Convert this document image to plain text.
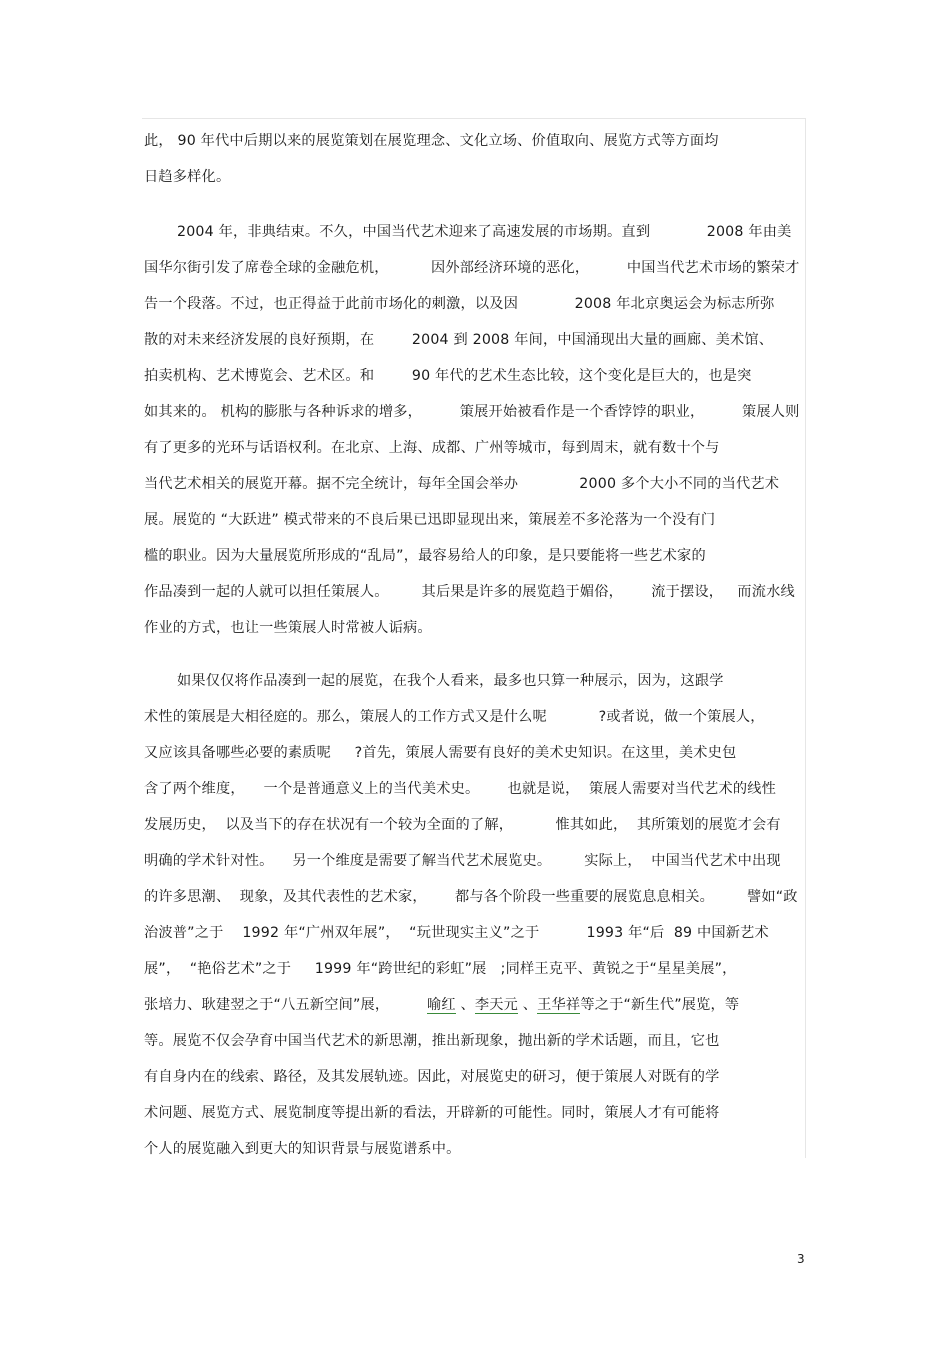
此， 90 年代中后期以来的展览策划在展览理念、文化立场、价值取向、展览方式等方面均
日趋多样化。
2004 年，非典结束。不久，中国当代艺术迎来了高速发展的市场期。直到            2008 年由美
国华尔街引发了席卷全球的金融危机，         因外部经济环境的恶化，        中国当代艺术市场的繁荣才
告一个段落。不过，也正得益于此前市场化的刺激，以及因            2008 年北京奥运会为标志所弥
散的对未来经济发展的良好预期，在        2004 到 2008 年间，中国涌现出大量的画廊、美术馆、
拍卖机构、艺术博览会、艺术区。和        90 年代的艺术生态比较，这个变化是巨大的，也是突
如其来的。 机构的膨胀与各种诉求的增多，        策展开始被看作是一个香饽饽的职业，        策展人则
有了更多的光环与话语权利。在北京、上海、成都、广州等城市，每到周末，就有数十个与
当代艺术相关的展览开幕。据不完全统计，每年全国会举办             2000 多个大小不同的当代艺术
展。展览的 “大跃进” 模式带来的不良后果已迅即显现出来，策展差不多沦落为一个没有门
槛的职业。因为大量展览所形成的“乱局”，最容易给人的印象，是只要能将一些艺术家的
作品凑到一起的人就可以担任策展人。       其后果是许多的展览趋于媚俗，      流于摆设，   而流水线
作业的方式，也让一些策展人时常被人诟病。
如果仅仅将作品凑到一起的展览，在我个人看来，最多也只算一种展示，因为，这跟学
术性的策展是大相径庭的。那么，策展人的工作方式又是什么呢           ?或者说，做一个策展人，
又应该具备哪些必要的素质呢     ?首先，策展人需要有良好的美术史知识。在这里，美术史包
含了两个维度，    一个是普通意义上的当代美术史。      也就是说，  策展人需要对当代艺术的线性
发展历史，  以及当下的存在状况有一个较为全面的了解，         惟其如此，  其所策划的展览才会有
明确的学术针对性。    另一个维度是需要了解当代艺术展览史。       实际上，  中国当代艺术中出现
的许多思潮、  现象，及其代表性的艺术家，      都与各个阶段一些重要的展览息息相关。       譬如“政
治波普”之于    1992 年“广州双年展”，  “玩世现实主义”之于          1993 年“后  89 中国新艺术
展”，  “艳俗艺术”之于     1999 年“跨世纪的彩虹”展   ;同样王克平、黄锐之于“星星美展”，
张培力、耿建翌之于“八五新空间”展，        喻红 、李天元 、王华祥等之于“新生代”展览，等
等。展览不仅会孕育中国当代艺术的新思潮，推出新现象，抛出新的学术话题，而且，它也
有自身内在的线索、路径，及其发展轨迹。因此，对展览史的研习，便于策展人对既有的学
术问题、展览方式、展览制度等提出新的看法，开辟新的可能性。同时，策展人才有可能将
个人的展览融入到更大的知识背景与展览谱系中。
3
